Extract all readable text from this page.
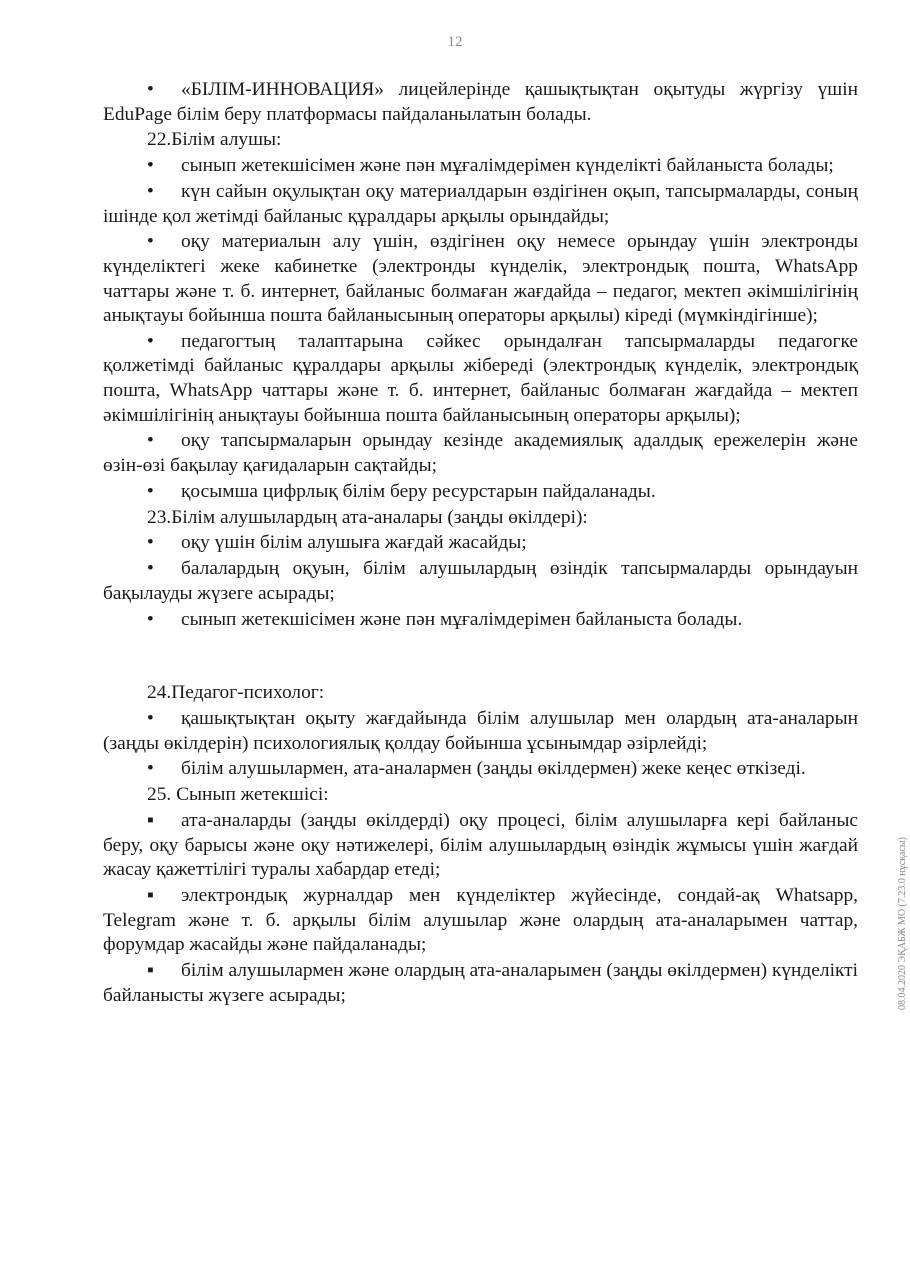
12

• «БІЛІМ-ИННОВАЦИЯ» лицейлерінде қашықтықтан оқытуды жүргізу үшін EduPage білім беру платформасы пайдаланылатын болады.

22.Білім алушы:

• сынып жетекшісімен және пән мұғалімдерімен күнделікті байланыста болады;

• күн сайын оқулықтан оқу материалдарын өздігінен оқып, тапсырмаларды, соның ішінде қол жетімді байланыс құралдары арқылы орындайды;

• оқу материалын алу үшін, өздігінен оқу немесе орындау үшін электронды күнделіктегі жеке кабинетке (электронды күнделік, электрондық пошта, WhatsApp чаттары және т. б. интернет, байланыс болмаған жағдайда – педагог, мектеп әкімшілігінің анықтауы бойынша пошта байланысының операторы арқылы) кіреді (мүмкіндігінше);

• педагогтың талаптарына сәйкес орындалған тапсырмаларды педагогке қолжетімді байланыс құралдары арқылы жібереді (электрондық күнделік, электрондық пошта, WhatsApp чаттары және т. б. интернет, байланыс болмаған жағдайда – мектеп әкімшілігінің анықтауы бойынша пошта байланысының операторы арқылы);

• оқу тапсырмаларын орындау кезінде академиялық адалдық ережелерін және өзін-өзі бақылау қағидаларын сақтайды;

• қосымша цифрлық білім беру ресурстарын пайдаланады.

23.Білім алушылардың ата-аналары (заңды өкілдері):

• оқу үшін білім алушыға жағдай жасайды;

• балалардың оқуын, білім алушылардың өзіндік тапсырмаларды орындауын бақылауды жүзеге асырады;

• сынып жетекшісімен және пән мұғалімдерімен байланыста болады.

24.Педагог-психолог:

• қашықтықтан оқыту жағдайында білім алушылар мен олардың ата-аналарын (заңды өкілдерін) психологиялық қолдау бойынша ұсынымдар әзірлейді;

• білім алушылармен, ата-аналармен (заңды өкілдермен) жеке кеңес өткізеді.

25. Сынып жетекшісі:

▪ ата-аналарды (заңды өкілдерді) оқу процесі, білім алушыларға кері байланыс беру, оқу барысы және оқу нәтижелері, білім алушылардың өзіндік жұмысы үшін жағдай жасау қажеттілігі туралы хабардар етеді;

▪ электрондық журналдар мен күнделіктер жүйесінде, сондай-ақ Whatsapp, Telegram және т. б. арқылы білім алушылар және олардың ата-аналарымен чаттар, форумдар жасайды және пайдаланады;

▪ білім алушылармен және олардың ата-аналарымен (заңды өкілдермен) күнделікті байланысты жүзеге асырады;	08.04.2020 ЭҚАБЖ МО (7.23.0 нұсқасы)
